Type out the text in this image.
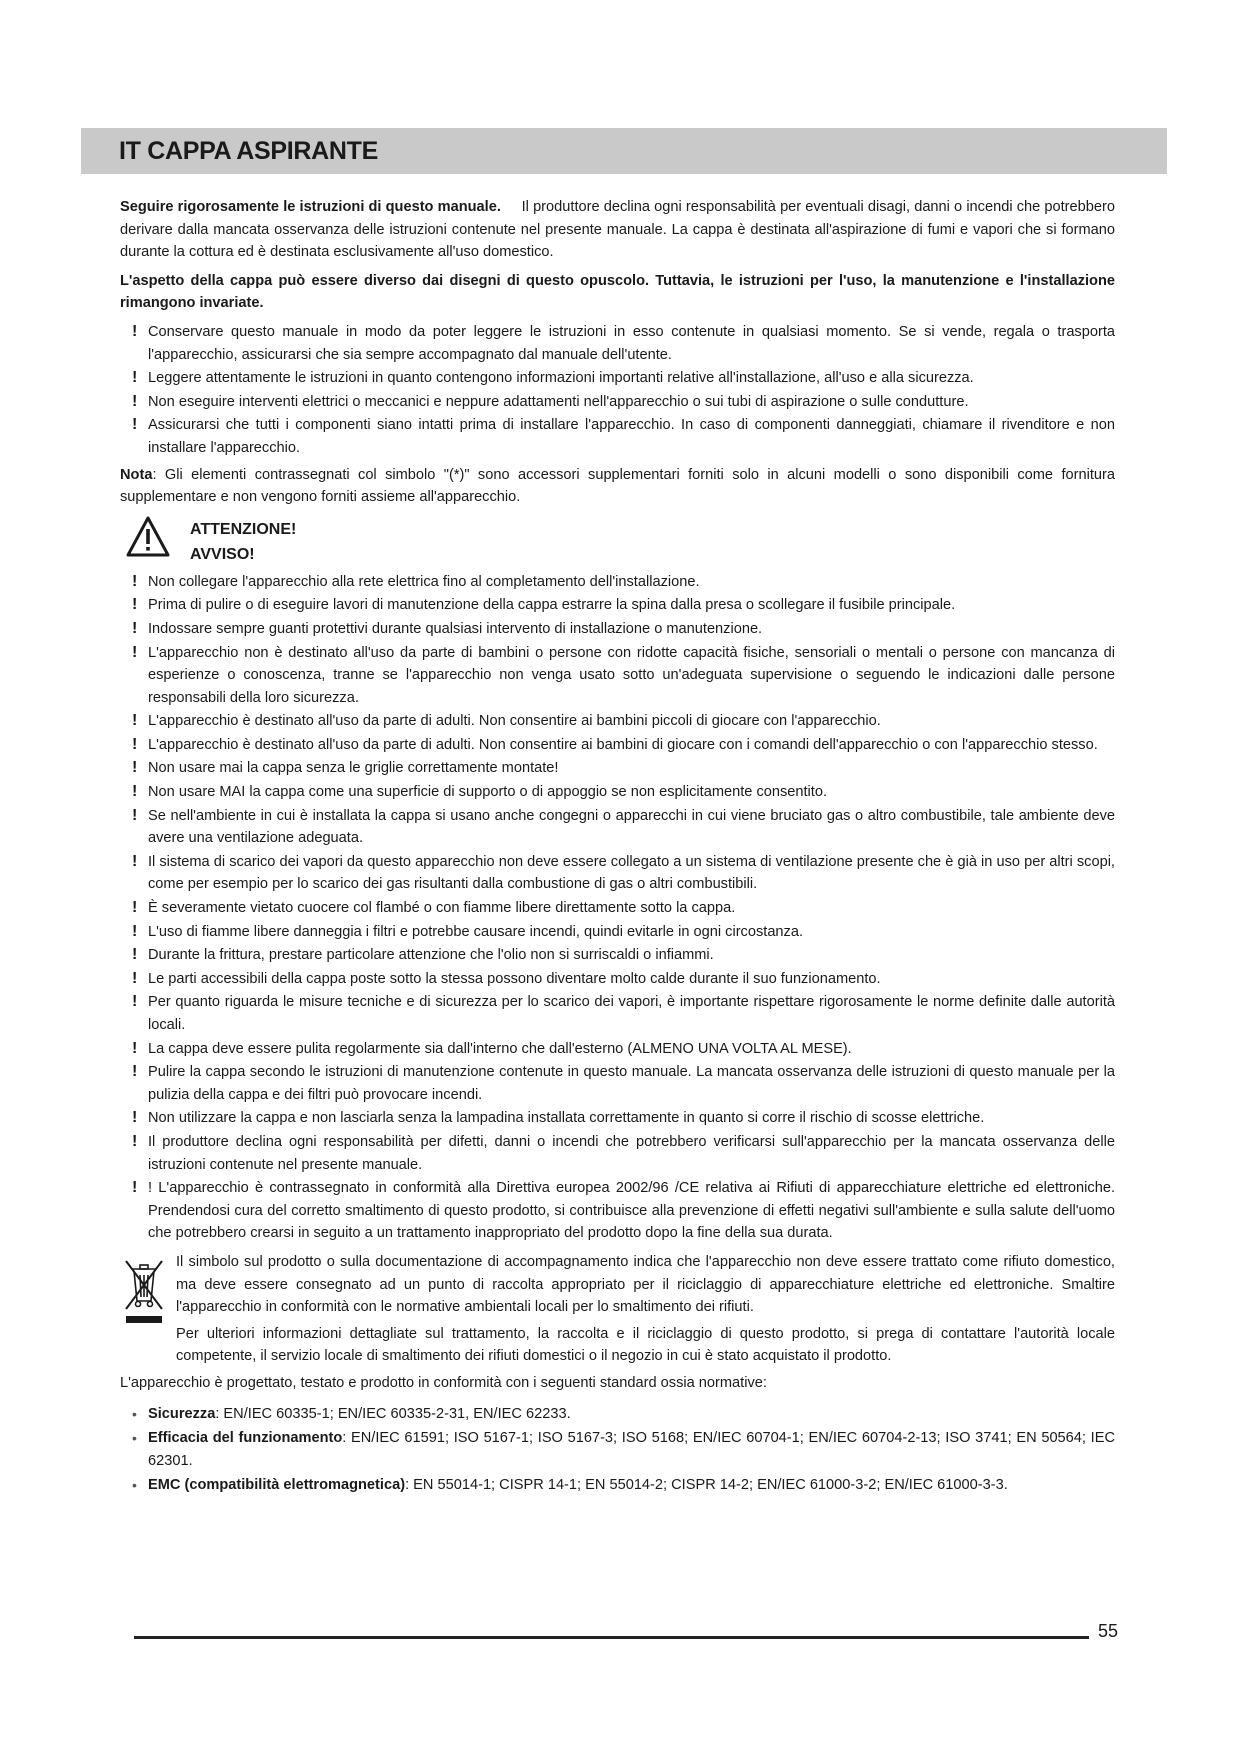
IT CAPPA ASPIRANTE

Seguire rigorosamente le istruzioni di questo manuale. Il produttore declina ogni responsabilità per eventuali disagi, danni o incendi che potrebbero derivare dalla mancata osservanza delle istruzioni contenute nel presente manuale. La cappa è destinata all'aspirazione di fumi e vapori che si formano durante la cottura ed è destinata esclusivamente all'uso domestico.

L'aspetto della cappa può essere diverso dai disegni di questo opuscolo. Tuttavia, le istruzioni per l'uso, la manutenzione e l'installazione rimangono invariate.

! Conservare questo manuale in modo da poter leggere le istruzioni in esso contenute in qualsiasi momento. Se si vende, regala o trasporta l'apparecchio, assicurarsi che sia sempre accompagnato dal manuale dell'utente.
! Leggere attentamente le istruzioni in quanto contengono informazioni importanti relative all'installazione, all'uso e alla sicurezza.
! Non eseguire interventi elettrici o meccanici e neppure adattamenti nell'apparecchio o sui tubi di aspirazione o sulle condutture.
! Assicurarsi che tutti i componenti siano intatti prima di installare l'apparecchio. In caso di componenti danneggiati, chiamare il rivenditore e non installare l'apparecchio.

Nota: Gli elementi contrassegnati col simbolo "(*)" sono accessori supplementari forniti solo in alcuni modelli o sono disponibili come fornitura supplementare e non vengono forniti assieme all'apparecchio.

ATTENZIONE!
AVVISO!
! Non collegare l'apparecchio alla rete elettrica fino al completamento dell'installazione.
! Prima di pulire o di eseguire lavori di manutenzione della cappa estrarre la spina dalla presa o scollegare il fusibile principale.
! Indossare sempre guanti protettivi durante qualsiasi intervento di installazione o manutenzione.
! L'apparecchio non è destinato all'uso da parte di bambini o persone con ridotte capacità fisiche, sensoriali o mentali o persone con mancanza di esperienze o conoscenza, tranne se l'apparecchio non venga usato sotto un'adeguata supervisione o seguendo le indicazioni dalle persone responsabili della loro sicurezza.
! L'apparecchio è destinato all'uso da parte di adulti. Non consentire ai bambini piccoli di giocare con l'apparecchio.
! L'apparecchio è destinato all'uso da parte di adulti. Non consentire ai bambini di giocare con i comandi dell'apparecchio o con l'apparecchio stesso.
! Non usare mai la cappa senza le griglie correttamente montate!
! Non usare MAI la cappa come una superficie di supporto o di appoggio se non esplicitamente consentito.
! Se nell'ambiente in cui è installata la cappa si usano anche congegni o apparecchi in cui viene bruciato gas o altro combustibile, tale ambiente deve avere una ventilazione adeguata.
! Il sistema di scarico dei vapori da questo apparecchio non deve essere collegato a un sistema di ventilazione presente che è già in uso per altri scopi, come per esempio per lo scarico dei gas risultanti dalla combustione di gas o altri combustibili.
! È severamente vietato cuocere col flambé o con fiamme libere direttamente sotto la cappa.
! L'uso di fiamme libere danneggia i filtri e potrebbe causare incendi, quindi evitarle in ogni circostanza.
! Durante la frittura, prestare particolare attenzione che l'olio non si surriscaldi o infiammi.
! Le parti accessibili della cappa poste sotto la stessa possono diventare molto calde durante il suo funzionamento.
! Per quanto riguarda le misure tecniche e di sicurezza per lo scarico dei vapori, è importante rispettare rigorosamente le norme definite dalle autorità locali.
! La cappa deve essere pulita regolarmente sia dall'interno che dall'esterno (ALMENO UNA VOLTA AL MESE).
! Pulire la cappa secondo le istruzioni di manutenzione contenute in questo manuale. La mancata osservanza delle istruzioni di questo manuale per la pulizia della cappa e dei filtri può provocare incendi.
! Non utilizzare la cappa e non lasciarla senza la lampadina installata correttamente in quanto si corre il rischio di scosse elettriche.
! Il produttore declina ogni responsabilità per difetti, danni o incendi che potrebbero verificarsi sull'apparecchio per la mancata osservanza delle istruzioni contenute nel presente manuale.
! ! L'apparecchio è contrassegnato in conformità alla Direttiva europea 2002/96 /CE relativa ai Rifiuti di apparecchiature elettriche ed elettroniche. Prendendosi cura del corretto smaltimento di questo prodotto, si contribuisce alla prevenzione di effetti negativi sull'ambiente e sulla salute dell'uomo che potrebbero crearsi in seguito a un trattamento inappropriato del prodotto dopo la fine della sua durata.

Il simbolo sul prodotto o sulla documentazione di accompagnamento indica che l'apparecchio non deve essere trattato come rifiuto domestico, ma deve essere consegnato ad un punto di raccolta appropriato per il riciclaggio di apparecchiature elettriche ed elettroniche. Smaltire l'apparecchio in conformità con le normative ambientali locali per lo smaltimento dei rifiuti.

Per ulteriori informazioni dettagliate sul trattamento, la raccolta e il riciclaggio di questo prodotto, si prega di contattare l'autorità locale competente, il servizio locale di smaltimento dei rifiuti domestici o il negozio in cui è stato acquistato il prodotto.

L'apparecchio è progettato, testato e prodotto in conformità con i seguenti standard ossia normative:

• Sicurezza: EN/IEC 60335-1; EN/IEC 60335-2-31, EN/IEC 62233.
• Efficacia del funzionamento: EN/IEC 61591; ISO 5167-1; ISO 5167-3; ISO 5168; EN/IEC 60704-1; EN/IEC 60704-2-13; ISO 3741; EN 50564; IEC 62301.
• EMC (compatibilità elettromagnetica): EN 55014-1; CISPR 14-1; EN 55014-2; CISPR 14-2; EN/IEC 61000-3-2; EN/IEC 61000-3-3.
55
